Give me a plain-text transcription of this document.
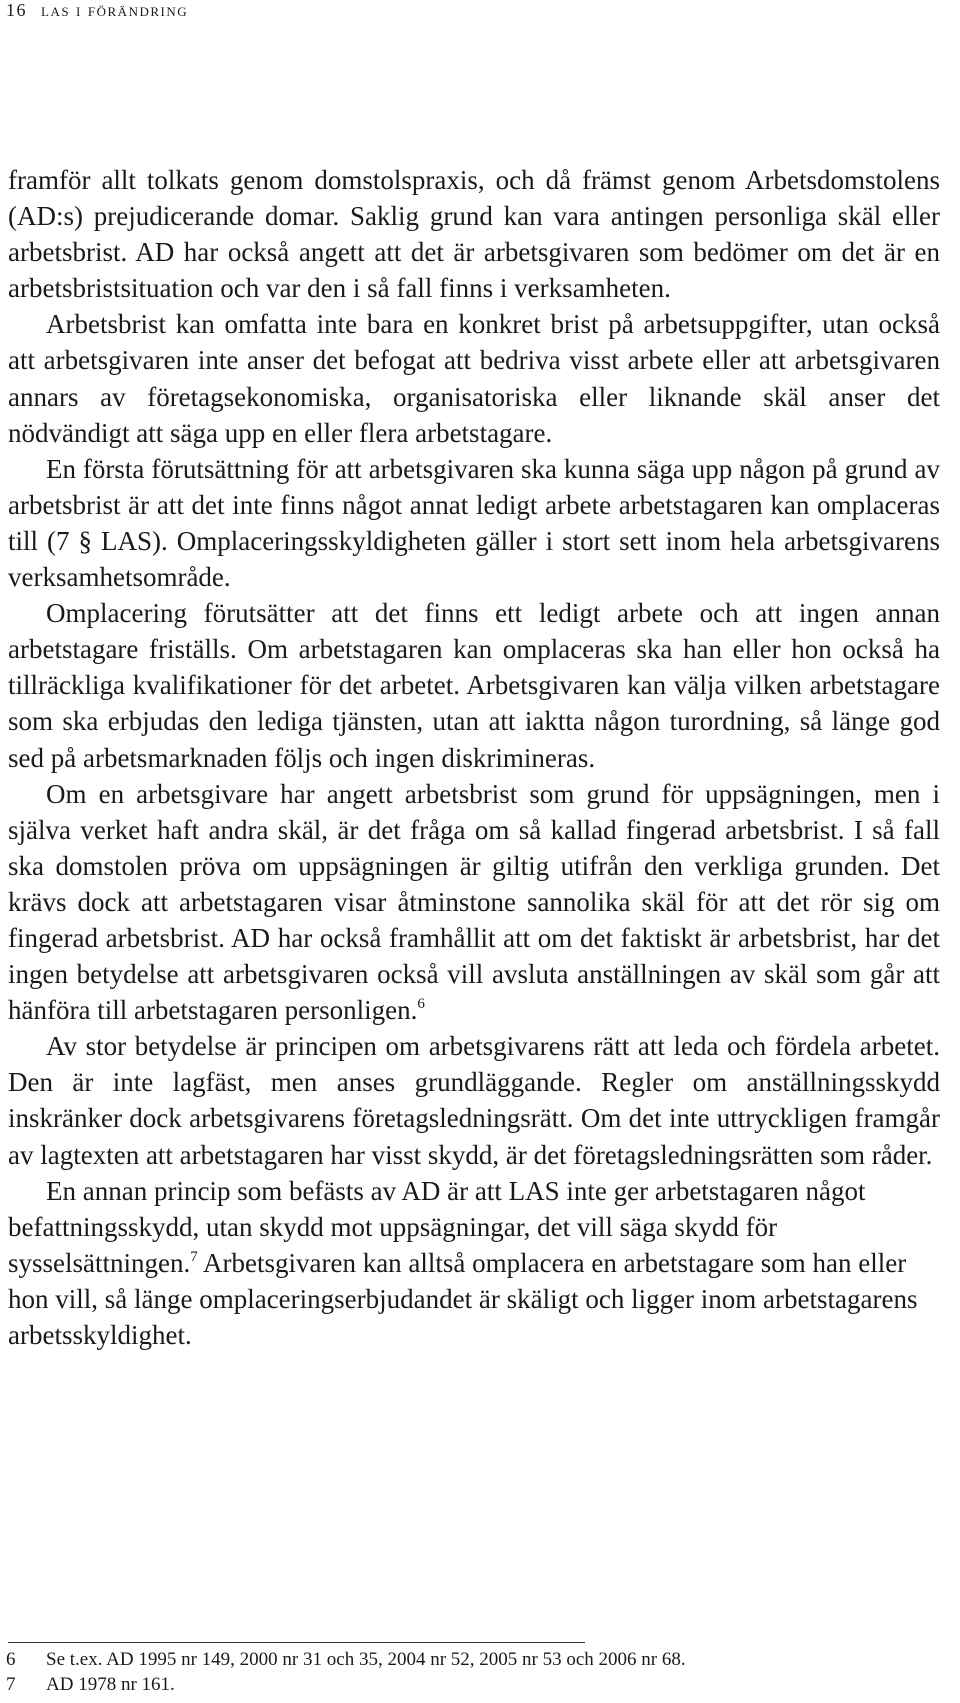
16 las i förändring

framför allt tolkats genom domstolspraxis, och då främst genom Arbetsdomstolens (AD:s) prejudicerande domar. Saklig grund kan vara antingen personliga skäl eller arbetsbrist. AD har också angett att det är arbetsgivaren som bedömer om det är en arbetsbristsituation och var den i så fall finns i verksamheten.

Arbetsbrist kan omfatta inte bara en konkret brist på arbetsuppgifter, utan också att arbetsgivaren inte anser det befogat att bedriva visst arbete eller att arbetsgivaren annars av företagsekonomiska, organisatoriska eller liknande skäl anser det nödvändigt att säga upp en eller flera arbetstagare.

En första förutsättning för att arbetsgivaren ska kunna säga upp någon på grund av arbetsbrist är att det inte finns något annat ledigt arbete arbetstagaren kan omplaceras till (7 § LAS). Omplaceringsskyldigheten gäller i stort sett inom hela arbetsgivarens verksamhetsområde.

Omplacering förutsätter att det finns ett ledigt arbete och att ingen annan arbetstagare friställs. Om arbetstagaren kan omplaceras ska han eller hon också ha tillräckliga kvalifikationer för det arbetet. Arbetsgivaren kan välja vilken arbetstagare som ska erbjudas den lediga tjänsten, utan att iaktta någon turordning, så länge god sed på arbetsmarknaden följs och ingen diskrimineras.

Om en arbetsgivare har angett arbetsbrist som grund för uppsägningen, men i själva verket haft andra skäl, är det fråga om så kallad fingerad arbetsbrist. I så fall ska domstolen pröva om uppsägningen är giltig utifrån den verkliga grunden. Det krävs dock att arbetstagaren visar åtminstone sannolika skäl för att det rör sig om fingerad arbetsbrist. AD har också framhållit att om det faktiskt är arbetsbrist, har det ingen betydelse att arbetsgivaren också vill avsluta anställningen av skäl som går att hänföra till arbetstagaren personligen.$^6$

Av stor betydelse är principen om arbetsgivarens rätt att leda och fördela arbetet. Den är inte lagfäst, men anses grundläggande. Regler om anställningsskydd inskränker dock arbetsgivarens företagsledningsrätt. Om det inte uttryckligen framgår av lagtexten att arbetstagaren har visst skydd, är det företagsledningsrätten som råder.

En annan princip som befästs av AD är att LAS inte ger arbetstagaren något befattningsskydd, utan skydd mot uppsägningar, det vill säga skydd för sysselsättningen.$^7$ Arbetsgivaren kan alltså omplacera en arbetstagare som han eller hon vill, så länge omplaceringserbjudandet är skäligt och ligger inom arbetstagarens arbetsskyldighet.

6 Se t.ex. AD 1995 nr 149, 2000 nr 31 och 35, 2004 nr 52, 2005 nr 53 och 2006 nr 68.
7 AD 1978 nr 161.
